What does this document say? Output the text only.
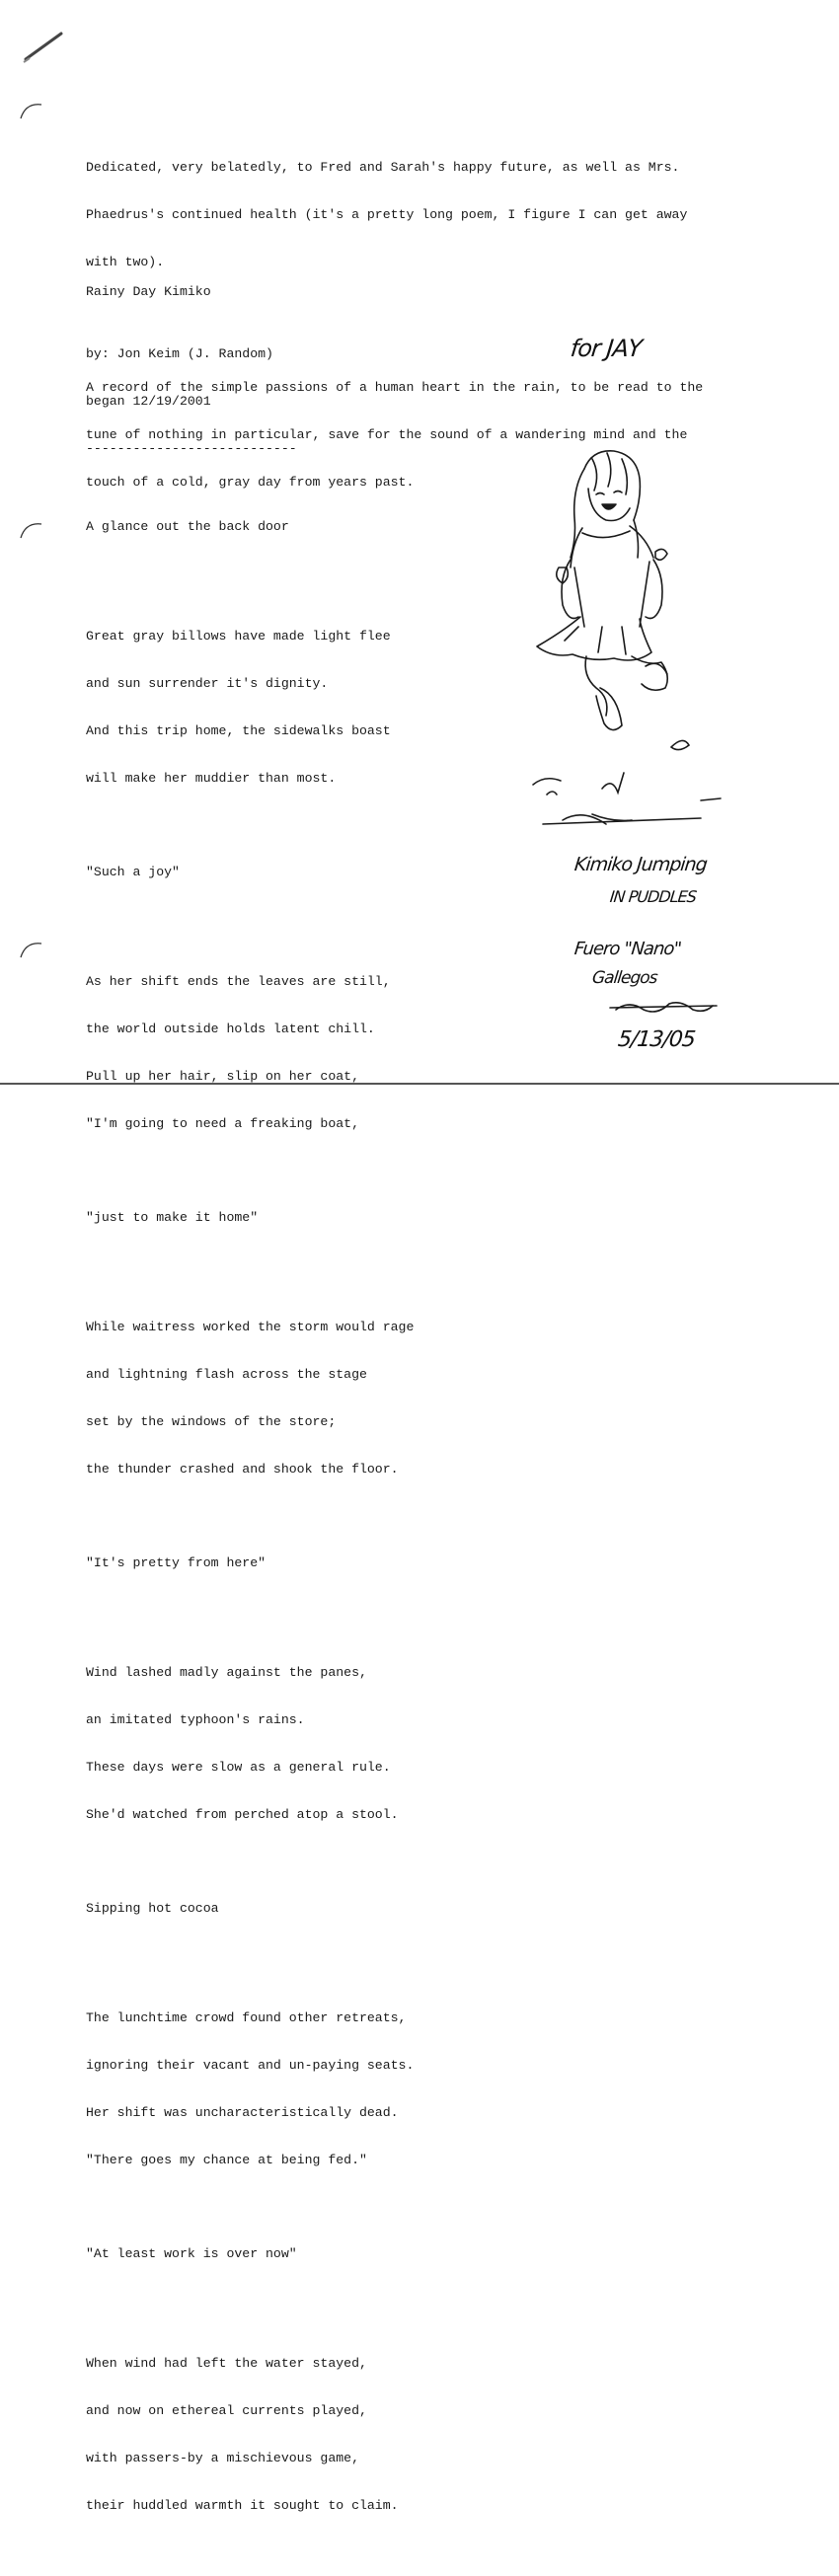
Dedicated, very belatedly, to Fred and Sarah's happy future, as well as Mrs.

Phaedrus's continued health (it's a pretty long poem, I figure I can get away

with two).

A record of the simple passions of a human heart in the rain, to be read to the

tune of nothing in particular, save for the sound of a wandering mind and the

touch of a cold, gray day from years past.

Rainy Day Kimiko

by: Jon Keim (J. Random)

began 12/19/2001

---------------------------

A glance out the back door

Great gray billows have made light flee

and sun surrender it's dignity.

And this trip home, the sidewalks boast

will make her muddier than most.

"Such a joy"

As her shift ends the leaves are still,

the world outside holds latent chill.

Pull up her hair, slip on her coat,

"I'm going to need a freaking boat,

"just to make it home"

While waitress worked the storm would rage

and lightning flash across the stage

set by the windows of the store;

the thunder crashed and shook the floor.

"It's pretty from here"

Wind lashed madly against the panes,

an imitated typhoon's rains.

These days were slow as a general rule.

She'd watched from perched atop a stool.

Sipping hot cocoa

The lunchtime crowd found other retreats,

ignoring their vacant and un-paying seats.

Her shift was uncharacteristically dead.

"There goes my chance at being fed."

"At least work is over now"

When wind had left the water stayed,

and now on ethereal currents played,

with passers-by a mischievous game,

their huddled warmth it sought to claim.

for JAY
Kimiko Jumping
IN PUDDLES
Fuero "Nano"
Gallegos
5/13/05
